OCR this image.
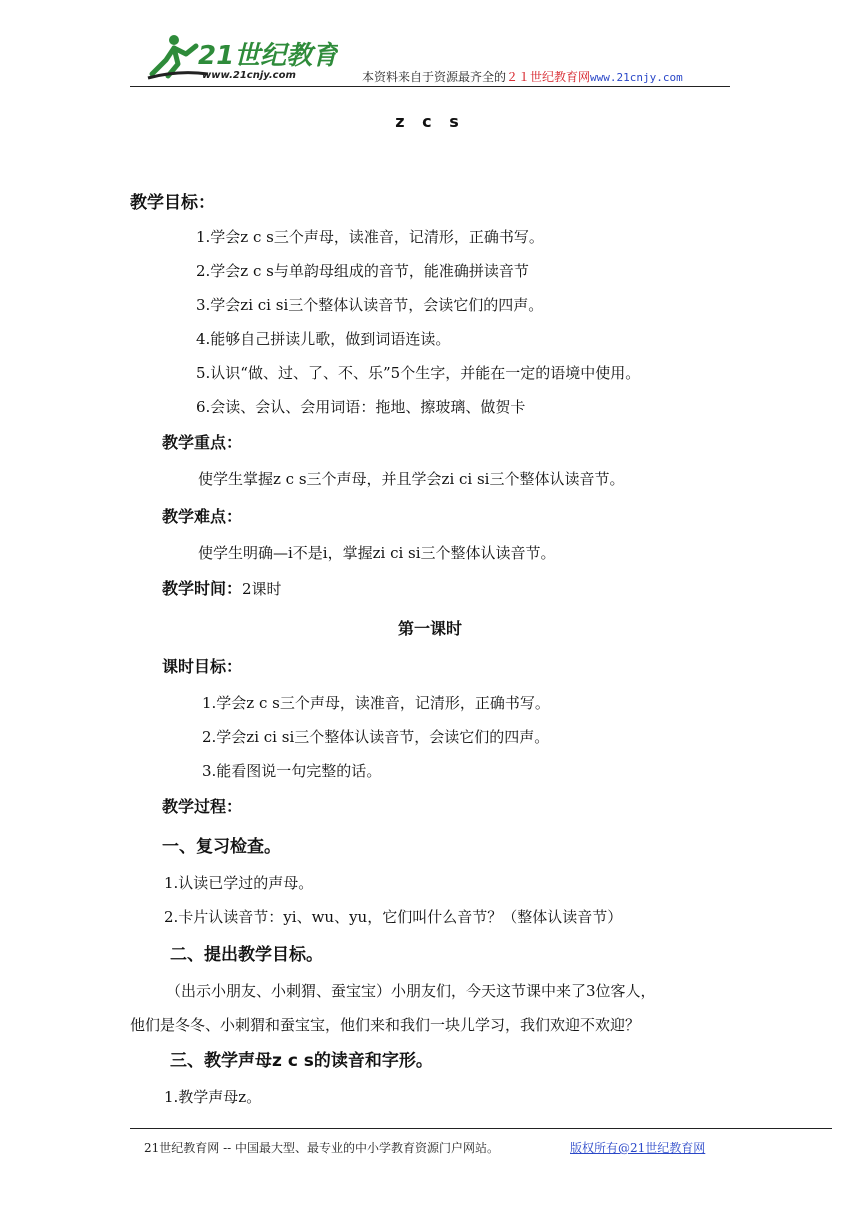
21世纪教育
www.21cnjy.com	本资料来自于资源最齐全的２１世纪教育网www.21cnjy.com
z c s
教学目标：
1.学会z c s三个声母，读准音，记清形，正确书写。
2.学会z c s与单韵母组成的音节，能准确拼读音节
3.学会zi ci si三个整体认读音节，会读它们的四声。
4.能够自己拼读儿歌，做到词语连读。
5.认识“做、过、了、不、乐”5个生字，并能在一定的语境中使用。
6.会读、会认、会用词语：拖地、擦玻璃、做贺卡
教学重点：
使学生掌握z c s三个声母，并且学会zi ci si三个整体认读音节。
教学难点：
使学生明确—i不是i，掌握zi ci si三个整体认读音节。
教学时间：2课时
第一课时
课时目标：
1.学会z c s三个声母，读准音，记清形，正确书写。
2.学会zi ci si三个整体认读音节，会读它们的四声。
3.能看图说一句完整的话。
教学过程：
一、复习检查。
1.认读已学过的声母。
2.卡片认读音节：yi、wu、yu，它们叫什么音节？（整体认读音节）
二、提出教学目标。
（出示小朋友、小刺猬、蚕宝宝）小朋友们，今天这节课中来了3位客人，
他们是冬冬、小刺猬和蚕宝宝，他们来和我们一块儿学习，我们欢迎不欢迎？
三、教学声母z c s的读音和字形。
1.教学声母z。
21世纪教育网 -- 中国最大型、最专业的中小学教育资源门户网站。	版权所有@21世纪教育网
